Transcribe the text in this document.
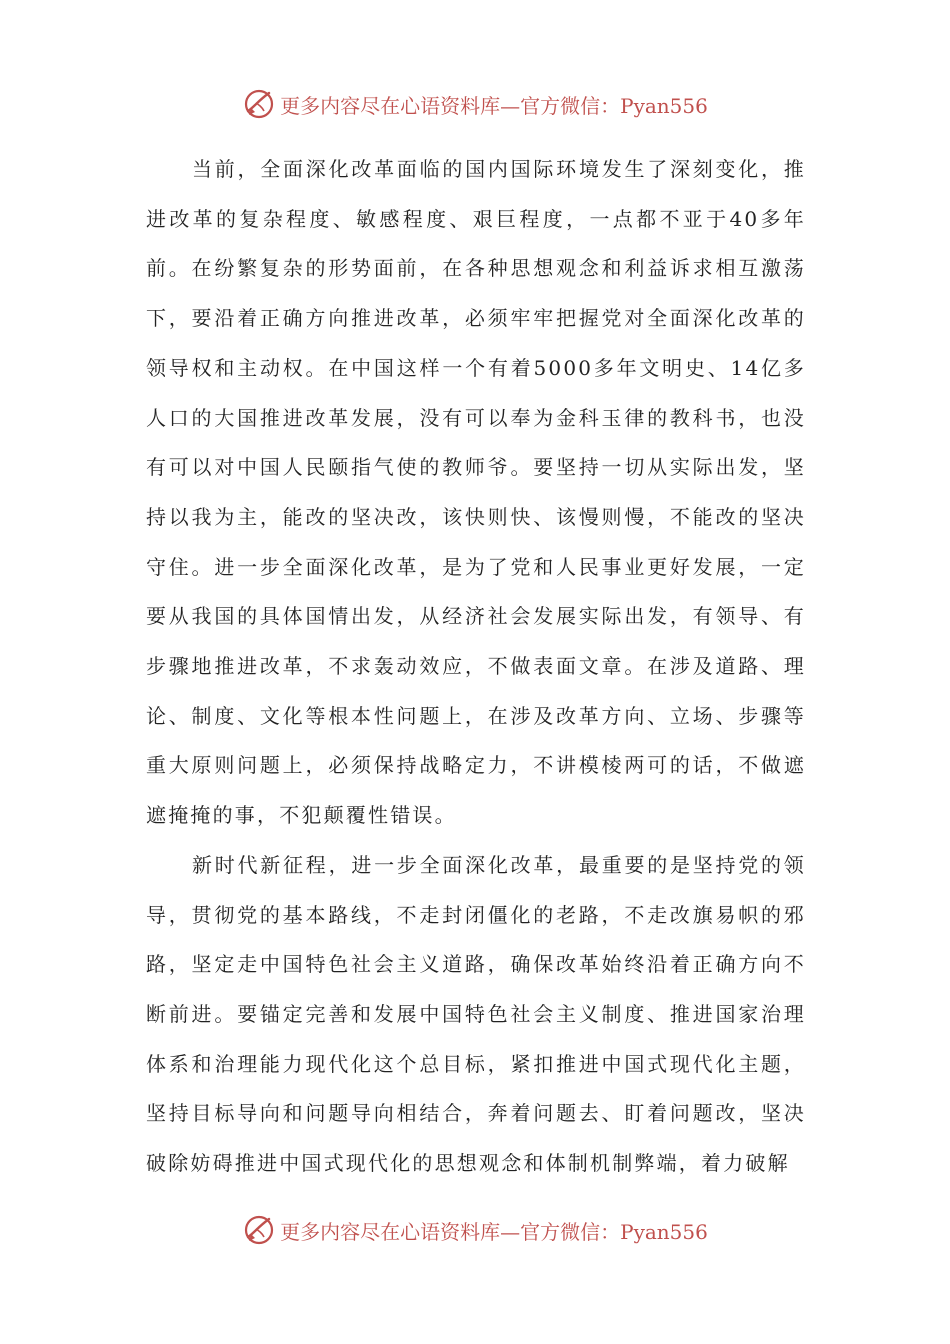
更多内容尽在心语资料库—官方微信：Pyan556

当前，全面深化改革面临的国内国际环境发生了深刻变化，推进改革的复杂程度、敏感程度、艰巨程度，一点都不亚于40多年前。在纷繁复杂的形势面前，在各种思想观念和利益诉求相互激荡下，要沿着正确方向推进改革，必须牢牢把握党对全面深化改革的领导权和主动权。在中国这样一个有着5000多年文明史、14亿多人口的大国推进改革发展，没有可以奉为金科玉律的教科书，也没有可以对中国人民颐指气使的教师爷。要坚持一切从实际出发，坚持以我为主，能改的坚决改，该快则快、该慢则慢，不能改的坚决守住。进一步全面深化改革，是为了党和人民事业更好发展，一定要从我国的具体国情出发，从经济社会发展实际出发，有领导、有步骤地推进改革，不求轰动效应，不做表面文章。在涉及道路、理论、制度、文化等根本性问题上，在涉及改革方向、立场、步骤等重大原则问题上，必须保持战略定力，不讲模棱两可的话，不做遮遮掩掩的事，不犯颠覆性错误。

新时代新征程，进一步全面深化改革，最重要的是坚持党的领导，贯彻党的基本路线，不走封闭僵化的老路，不走改旗易帜的邪路，坚定走中国特色社会主义道路，确保改革始终沿着正确方向不断前进。要锚定完善和发展中国特色社会主义制度、推进国家治理体系和治理能力现代化这个总目标，紧扣推进中国式现代化主题，坚持目标导向和问题导向相结合，奔着问题去、盯着问题改，坚决破除妨碍推进中国式现代化的思想观念和体制机制弊端，着力破解

更多内容尽在心语资料库—官方微信：Pyan556
